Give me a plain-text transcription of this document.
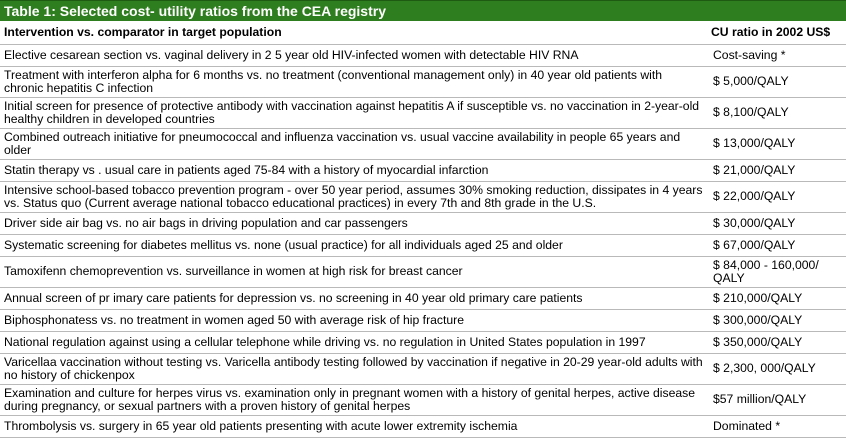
Table 1: Selected cost- utility ratios from the CEA registry
Intervention vs. comparator in target population	CU ratio in 2002 US$
Elective cesarean section vs. vaginal delivery in 2 5 year old HIV-infected women with detectable HIV RNA	Cost-saving *
Treatment with interferon alpha for 6 months vs. no treatment (conventional management only) in 40 year old patients with chronic hepatitis C infection	$ 5,000/QALY
Initial screen for presence of protective antibody with vaccination against hepatitis A if susceptible vs. no vaccination in 2-year-old healthy children in developed countries	$ 8,100/QALY
Combined outreach initiative for pneumococcal and influenza vaccination vs. usual vaccine availability in people 65 years and older	$ 13,000/QALY
Statin therapy vs . usual care in patients aged 75-84 with a history of myocardial infarction	$ 21,000/QALY
Intensive school-based tobacco prevention program - over 50 year period, assumes 30% smoking reduction, dissipates in 4 years vs. Status quo (Current average national tobacco educational practices) in every 7th and 8th grade in the U.S.	$ 22,000/QALY
Driver side air bag vs. no air bags in driving population and car passengers	$ 30,000/QALY
Systematic screening for diabetes mellitus vs. none (usual practice) for all individuals aged 25 and older	$ 67,000/QALY
Tamoxifenn chemoprevention vs. surveillance in women at high risk for breast cancer	$ 84,000 - 160,000/ QALY
Annual screen of pr imary care patients for depression vs. no screening in 40 year old primary care patients	$ 210,000/QALY
Biphosphonatess vs. no treatment in women aged 50 with average risk of hip fracture	$ 300,000/QALY
National regulation against using a cellular telephone while driving vs. no regulation in United States population in 1997	$ 350,000/QALY
Varicellaa vaccination without testing vs. Varicella antibody testing followed by vaccination if negative in 20-29 year-old adults with no history of chickenpox	$ 2,300, 000/QALY
Examination and culture for herpes virus vs. examination only in pregnant women with a history of genital herpes, active disease during pregnancy, or sexual partners with a proven history of genital herpes	$57 million/QALY
Thrombolysis vs. surgery in 65 year old patients presenting with acute lower extremity ischemia	Dominated *
